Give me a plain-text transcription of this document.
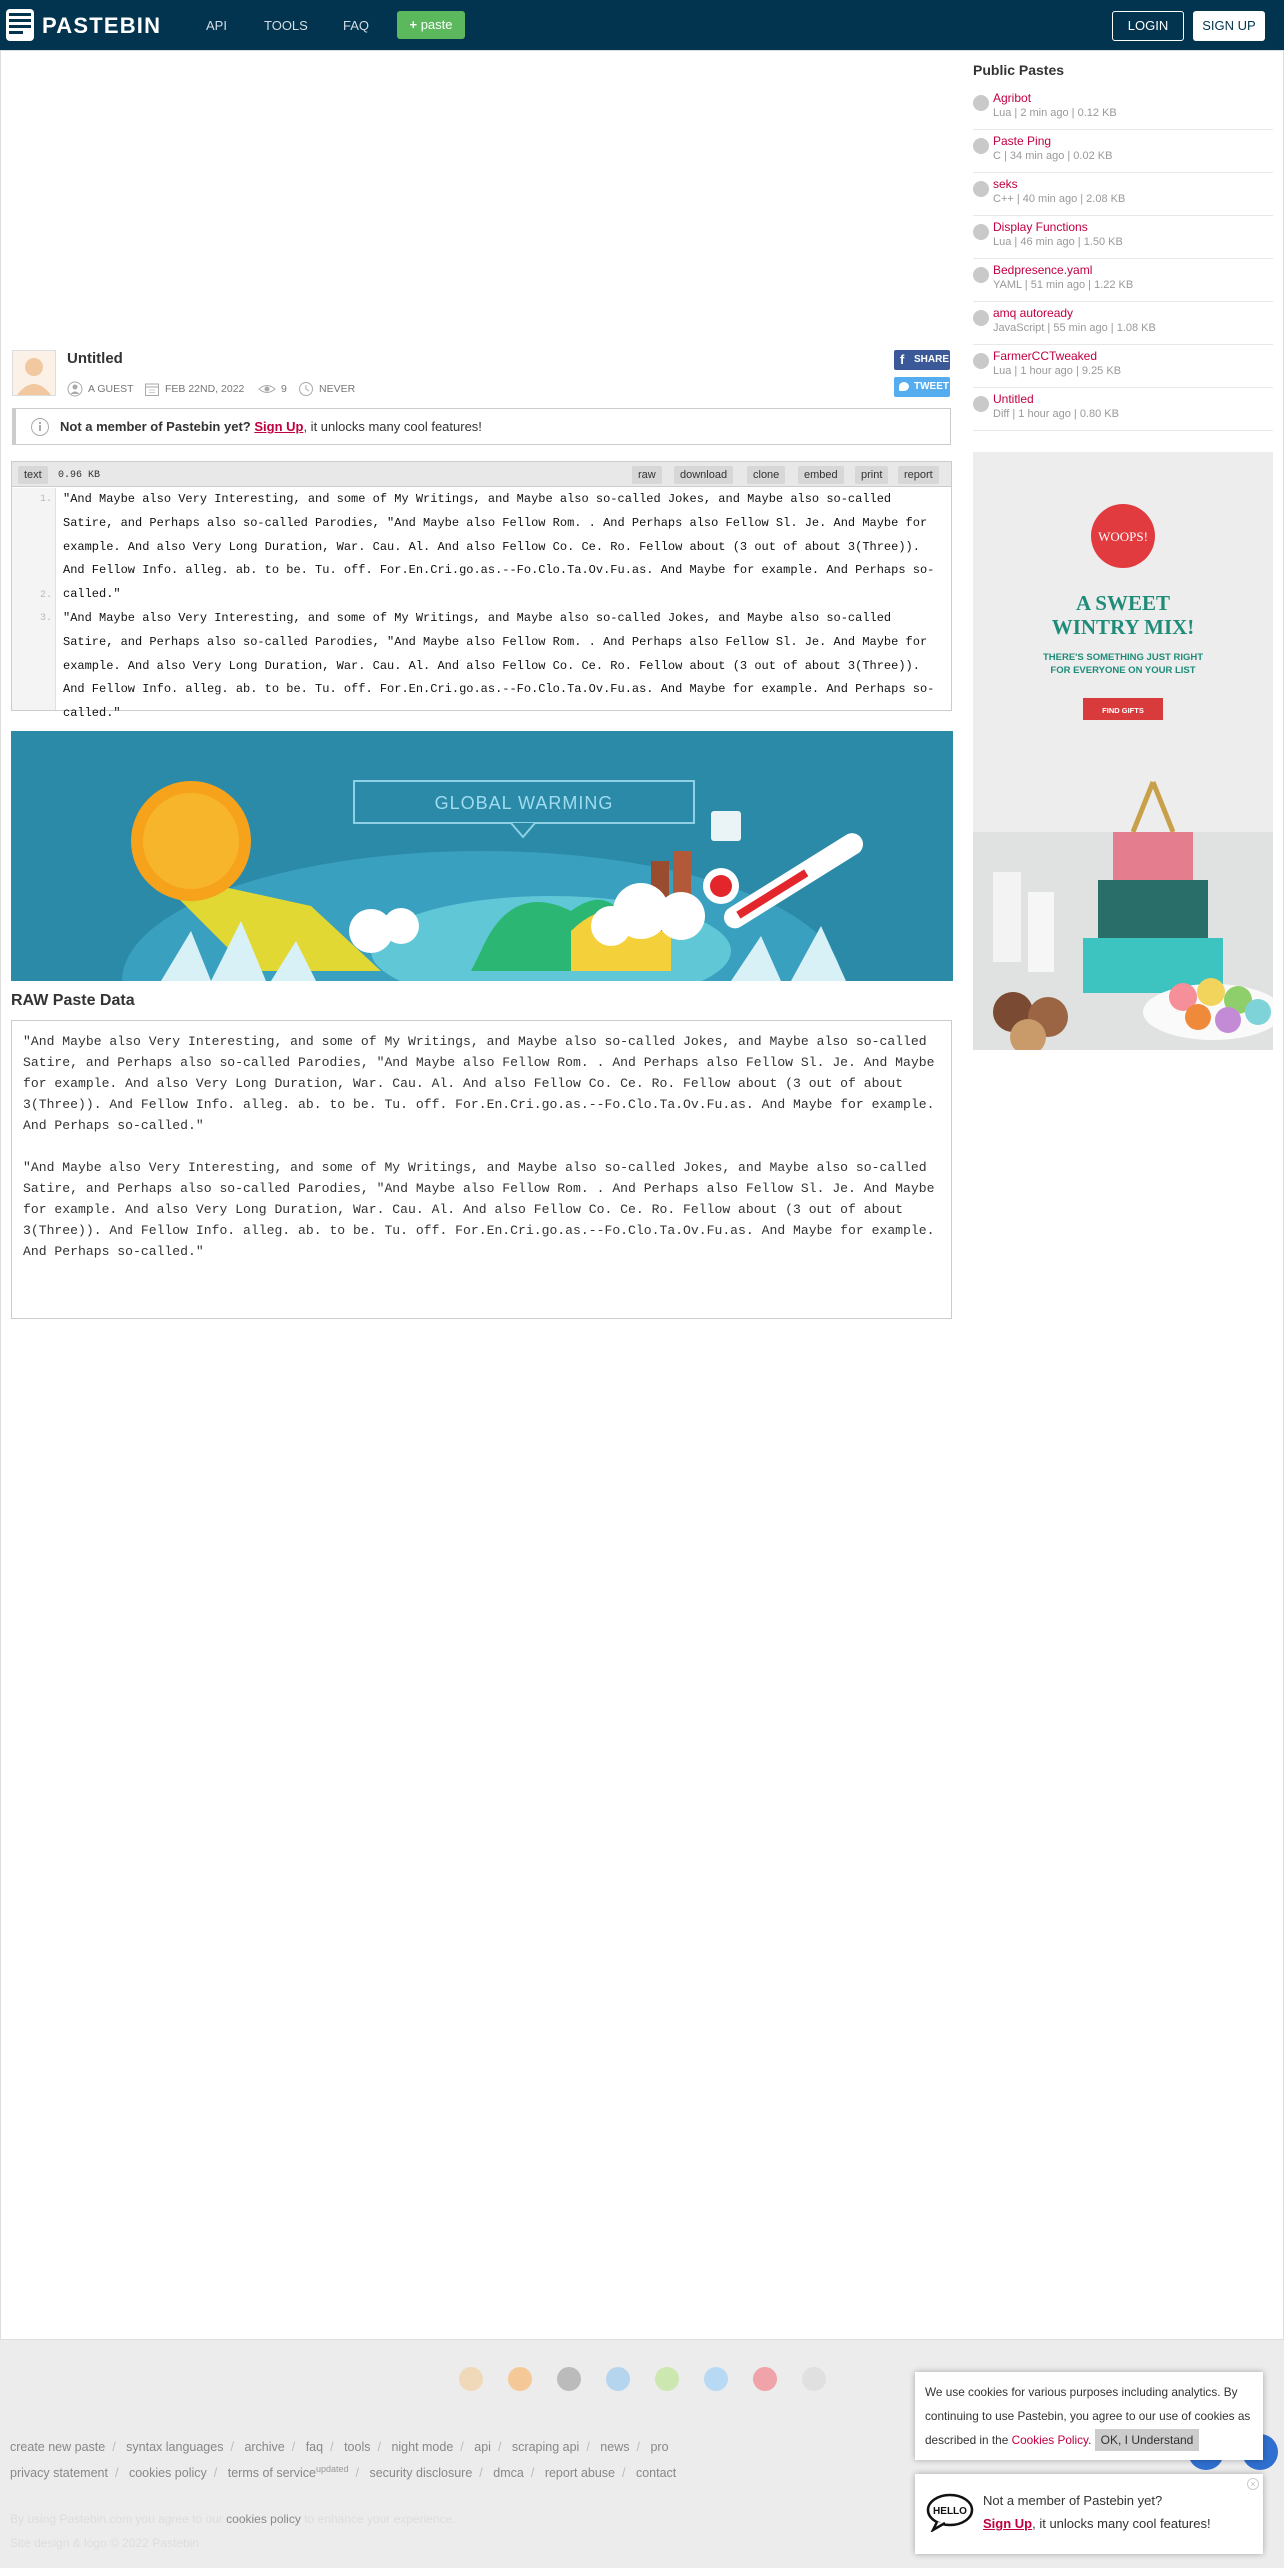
PASTEBIN	API	TOOLS	FAQ	+ paste	LOGIN	SIGN UP
Untitled
A GUEST	FEB 22ND, 2022	9	NEVER
f SHARE
TWEET
Not a member of Pastebin yet? Sign Up, it unlocks many cool features!
text	0.96 KB	raw	download	clone	embed	print	report
1. "And Maybe also Very Interesting, and some of My Writings, and Maybe also so-called Jokes, and Maybe also so-called Satire, and Perhaps also so-called Parodies, "And Maybe also Fellow Rom. . And Perhaps also Fellow Sl. Je. And Maybe for example. And also Very Long Duration, War. Cau. Al. And also Fellow Co. Ce. Ro. Fellow about (3 out of about 3(Three)). And Fellow Info. alleg. ab. to be. Tu. off. For.En.Cri.go.as.--Fo.Clo.Ta.Ov.Fu.as. And Maybe for example. And Perhaps so-called."
2.
3. "And Maybe also Very Interesting, and some of My Writings, and Maybe also so-called Jokes, and Maybe also so-called Satire, and Perhaps also so-called Parodies, "And Maybe also Fellow Rom. . And Perhaps also Fellow Sl. Je. And Maybe for example. And also Very Long Duration, War. Cau. Al. And also Fellow Co. Ce. Ro. Fellow about (3 out of about 3(Three)). And Fellow Info. alleg. ab. to be. Tu. off. For.En.Cri.go.as.--Fo.Clo.Ta.Ov.Fu.as. And Maybe for example. And Perhaps so-called."
GLOBAL WARMING
RAW Paste Data
"And Maybe also Very Interesting, and some of My Writings, and Maybe also so-called Jokes, and Maybe also so-called Satire, and Perhaps also so-called Parodies, "And Maybe also Fellow Rom. . And Perhaps also Fellow Sl. Je. And Maybe for example. And also Very Long Duration, War. Cau. Al. And also Fellow Co. Ce. Ro. Fellow about (3 out of about 3(Three)). And Fellow Info. alleg. ab. to be. Tu. off. For.En.Cri.go.as.--Fo.Clo.Ta.Ov.Fu.as. And Maybe for example. And Perhaps so-called."
"And Maybe also Very Interesting, and some of My Writings, and Maybe also so-called Jokes, and Maybe also so-called Satire, and Perhaps also so-called Parodies, "And Maybe also Fellow Rom. . And Perhaps also Fellow Sl. Je. And Maybe for example. And also Very Long Duration, War. Cau. Al. And also Fellow Co. Ce. Ro. Fellow about (3 out of about 3(Three)). And Fellow Info. alleg. ab. to be. Tu. off. For.En.Cri.go.as.--Fo.Clo.Ta.Ov.Fu.as. And Maybe for example. And Perhaps so-called."
Public Pastes
Agribot
Lua | 2 min ago | 0.12 KB
Paste Ping
C | 34 min ago | 0.02 KB
seks
C++ | 40 min ago | 2.08 KB
Display Functions
Lua | 46 min ago | 1.50 KB
Bedpresence.yaml
YAML | 51 min ago | 1.22 KB
amq autoready
JavaScript | 55 min ago | 1.08 KB
FarmerCCTweaked
Lua | 1 hour ago | 9.25 KB
Untitled
Diff | 1 hour ago | 0.80 KB
WOOPS!
A SWEET
WINTRY MIX!
THERE'S SOMETHING JUST RIGHT
FOR EVERYONE ON YOUR LIST
FIND GIFTS
create new paste / syntax languages / archive / faq / tools / night mode / api / scraping api / news / pro
privacy statement / cookies policy / terms of service$^{updated}$ / security disclosure / dmca / report abuse / contact
By using Pastebin.com you agree to our cookies policy to enhance your experience.
Site design & logo © 2022 Pastebin
We use cookies for various purposes including analytics. By continuing to use Pastebin, you agree to our use of cookies as described in the Cookies Policy. OK, I Understand
HELLO
×
Not a member of Pastebin yet?
Sign Up, it unlocks many cool features!
